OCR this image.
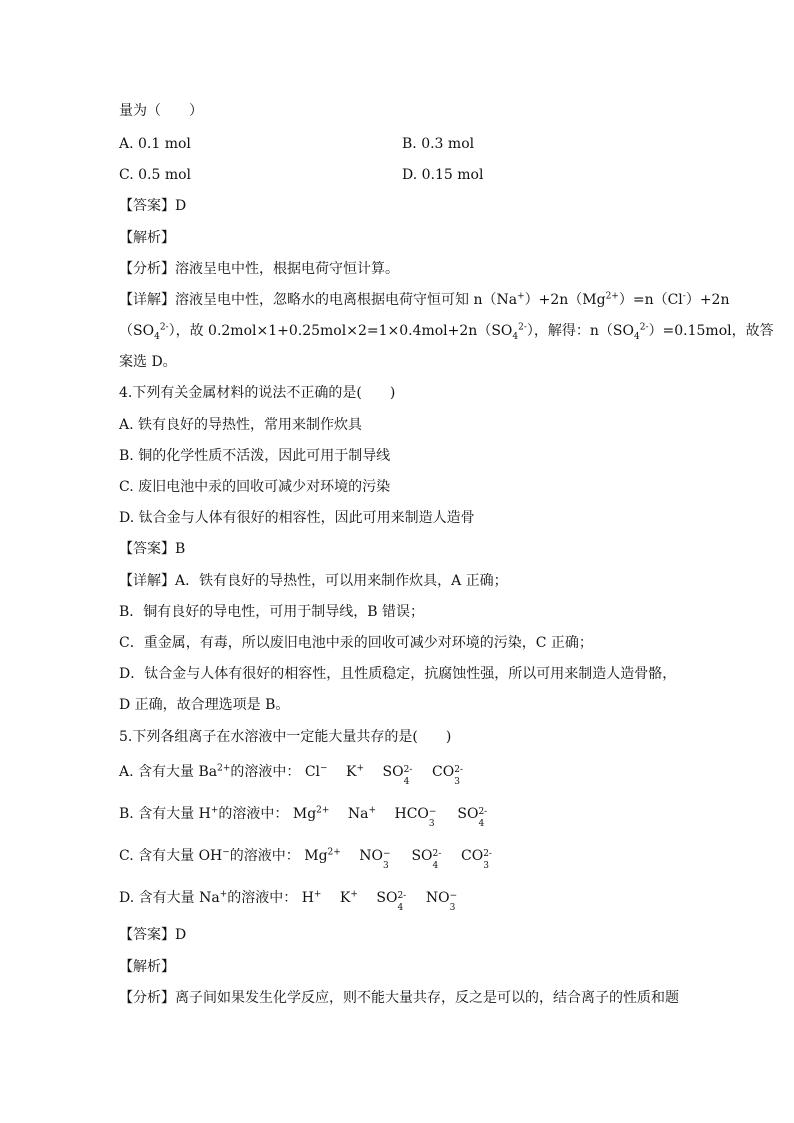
量为（　　）
A. 0.1 mol	B. 0.3 mol
C. 0.5 mol	D. 0.15 mol
【答案】D
【解析】
【分析】溶液呈电中性，根据电荷守恒计算。
【详解】溶液呈电中性，忽略水的电离根据电荷守恒可知 $n(Na^+)+2n(Mg^{2+})=n(Cl^-)+2n$
$(SO_4^{2-})$，故 $0.2mol\times 1+0.25mol\times 2=1\times 0.4mol+2n(SO_4^{2-})$，解得：$n(SO_4^{2-})=0.15mol$，故答
案选 D。
4.下列有关金属材料的说法不正确的是(　　)
A. 铁有良好的导热性，常用来制作炊具
B. 铜的化学性质不活泼，因此可用于制导线
C. 废旧电池中汞的回收可减少对环境的污染
D. 钛合金与人体有很好的相容性，因此可用来制造人造骨
【答案】B
【详解】A．铁有良好的导热性，可以用来制作炊具，A 正确；
B．铜有良好的导电性，可用于制导线，B 错误；
C．重金属，有毒，所以废旧电池中汞的回收可减少对环境的污染，C 正确；
D．钛合金与人体有很好的相容性，且性质稳定，抗腐蚀性强，所以可用来制造人造骨骼，
D 正确，故合理选项是 B。
5.下列各组离子在水溶液中一定能大量共存的是(　　)
A. 含有大量 $Ba^{2+}$的溶液中： Cl− K+ SO 2-
4
CO 2-
3
B. 含有大量 H+的溶液中： $Mg^{2+}$ Na+ HCO −
3
SO 2-
4
C. 含有大量 OH−的溶液中： $Mg^{2+}$ NO −
3
SO 2-
4
CO 2-
3
D. 含有大量 Na+的溶液中： H+ K+ SO 2-
4
NO −
3
【答案】D
【解析】
【分析】离子间如果发生化学反应，则不能大量共存，反之是可以的，结合离子的性质和题
